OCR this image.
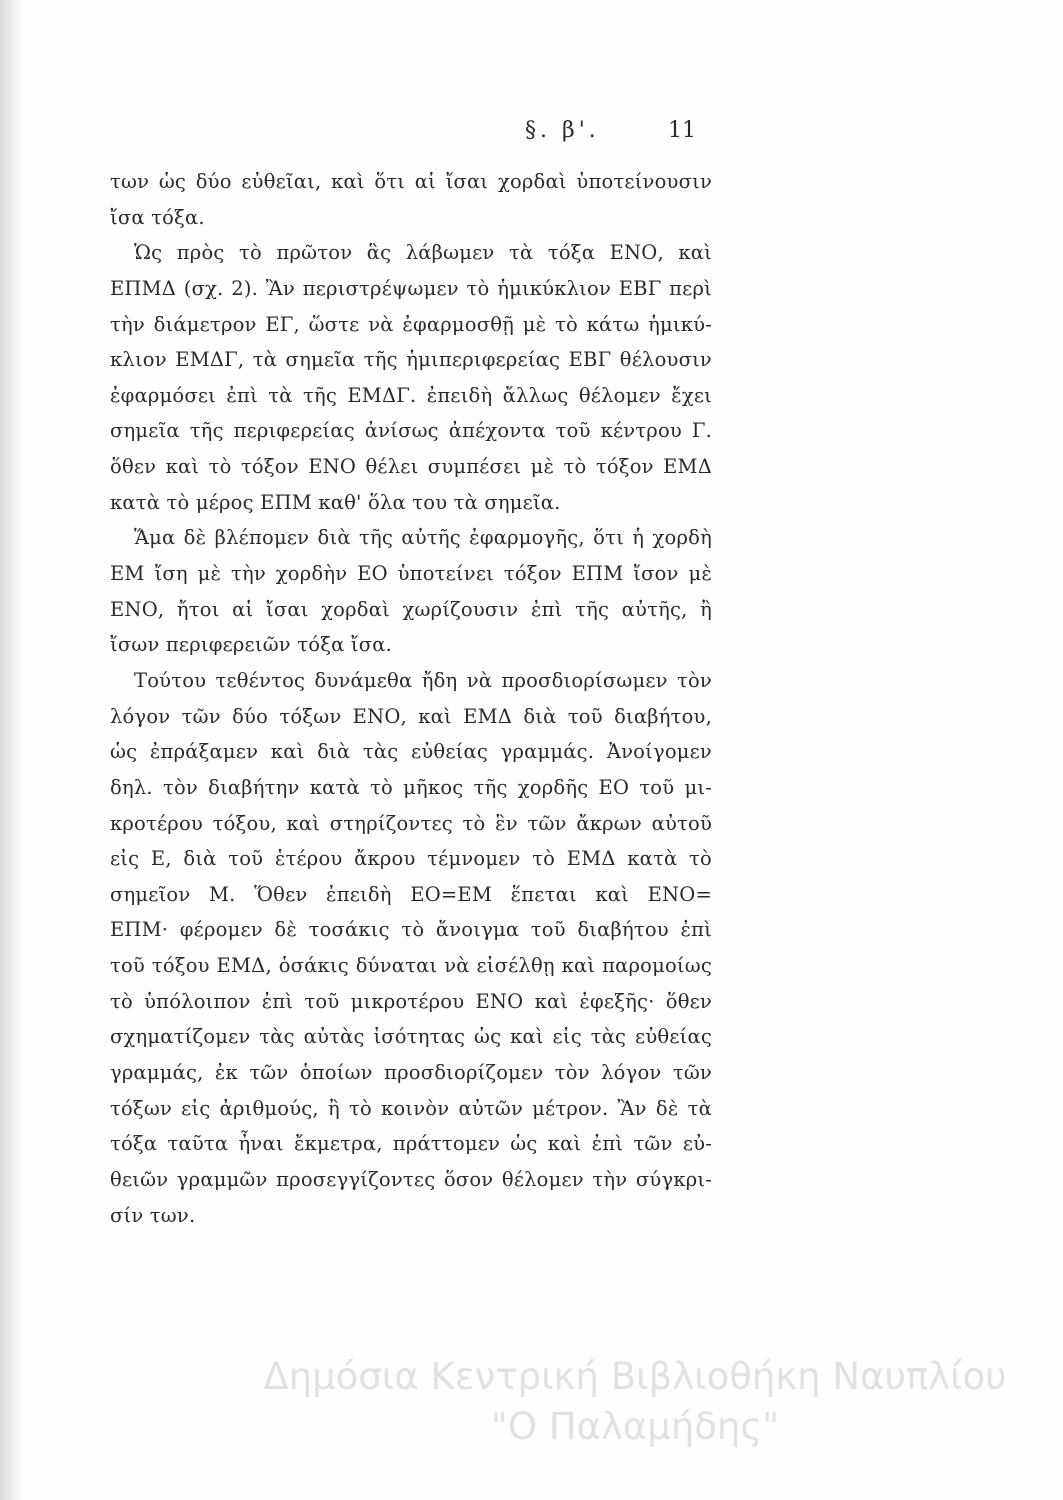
§. β'.	11
των ὡς δύο εὐθεῖαι, καὶ ὅτι αἱ ἴσαι χορδαὶ ὑποτείνουσιν
ἴσα τόξα.
Ὡς πρὸς τὸ πρῶτον ἃς λάβωμεν τὰ τόξα ΕΝΟ, καὶ
ΕΠΜΔ (σχ. 2). Ἂν περιστρέψωμεν τὸ ἡμικύκλιον ΕΒΓ περὶ
τὴν διάμετρον ΕΓ, ὥστε νὰ ἐφαρμοσθῇ μὲ τὸ κάτω ἡμικύ-
κλιον ΕΜΔΓ, τὰ σημεῖα τῆς ἡμιπεριφερείας ΕΒΓ θέλουσιν
ἐφαρμόσει ἐπὶ τὰ τῆς ΕΜΔΓ. ἐπειδὴ ἄλλως θέλομεν ἔχει
σημεῖα τῆς περιφερείας ἀνίσως ἀπέχοντα τοῦ κέντρου Γ.
ὅθεν καὶ τὸ τόξον ΕΝΟ θέλει συμπέσει μὲ τὸ τόξον ΕΜΔ
κατὰ τὸ μέρος ΕΠΜ καθ' ὅλα του τὰ σημεῖα.
Ἅμα δὲ βλέπομεν διὰ τῆς αὐτῆς ἐφαρμογῆς, ὅτι ἡ χορδὴ
ΕΜ ἴση μὲ τὴν χορδὴν ΕΟ ὑποτείνει τόξον ΕΠΜ ἴσον μὲ
ΕΝΟ, ἤτοι αἱ ἴσαι χορδαὶ χωρίζουσιν ἐπὶ τῆς αὐτῆς, ἢ
ἴσων περιφερειῶν τόξα ἴσα.
Τούτου τεθέντος δυνάμεθα ἤδη νὰ προσδιορίσωμεν τὸν
λόγον τῶν δύο τόξων ΕΝΟ, καὶ ΕΜΔ διὰ τοῦ διαβήτου,
ὡς ἐπράξαμεν καὶ διὰ τὰς εὐθείας γραμμάς. Ἀνοίγομεν
δηλ. τὸν διαβήτην κατὰ τὸ μῆκος τῆς χορδῆς ΕΟ τοῦ μι-
κροτέρου τόξου, καὶ στηρίζοντες τὸ ἓν τῶν ἄκρων αὐτοῦ
εἰς Ε, διὰ τοῦ ἑτέρου ἄκρου τέμνομεν τὸ ΕΜΔ κατὰ τὸ
σημεῖον Μ. Ὅθεν ἐπειδὴ ΕΟ=ΕΜ ἕπεται καὶ ΕΝΟ=
ΕΠΜ· φέρομεν δὲ τοσάκις τὸ ἄνοιγμα τοῦ διαβήτου ἐπὶ
τοῦ τόξου ΕΜΔ, ὁσάκις δύναται νὰ εἰσέλθῃ καὶ παρομοίως
τὸ ὑπόλοιπον ἐπὶ τοῦ μικροτέρου ΕΝΟ καὶ ἐφεξῆς· ὅθεν
σχηματίζομεν τὰς αὐτὰς ἰσότητας ὡς καὶ εἰς τὰς εὐθείας
γραμμάς, ἐκ τῶν ὁποίων προσδιορίζομεν τὸν λόγον τῶν
τόξων εἰς ἀριθμούς, ἢ τὸ κοινὸν αὐτῶν μέτρον. Ἂν δὲ τὰ
τόξα ταῦτα ἦναι ἔκμετρα, πράττομεν ὡς καὶ ἐπὶ τῶν εὐ-
θειῶν γραμμῶν προσεγγίζοντες ὅσον θέλομεν τὴν σύγκρι-
σίν των.
Δημόσια Κεντρική Βιβλιοθήκη Ναυπλίου
"Ο Παλαμήδης"
